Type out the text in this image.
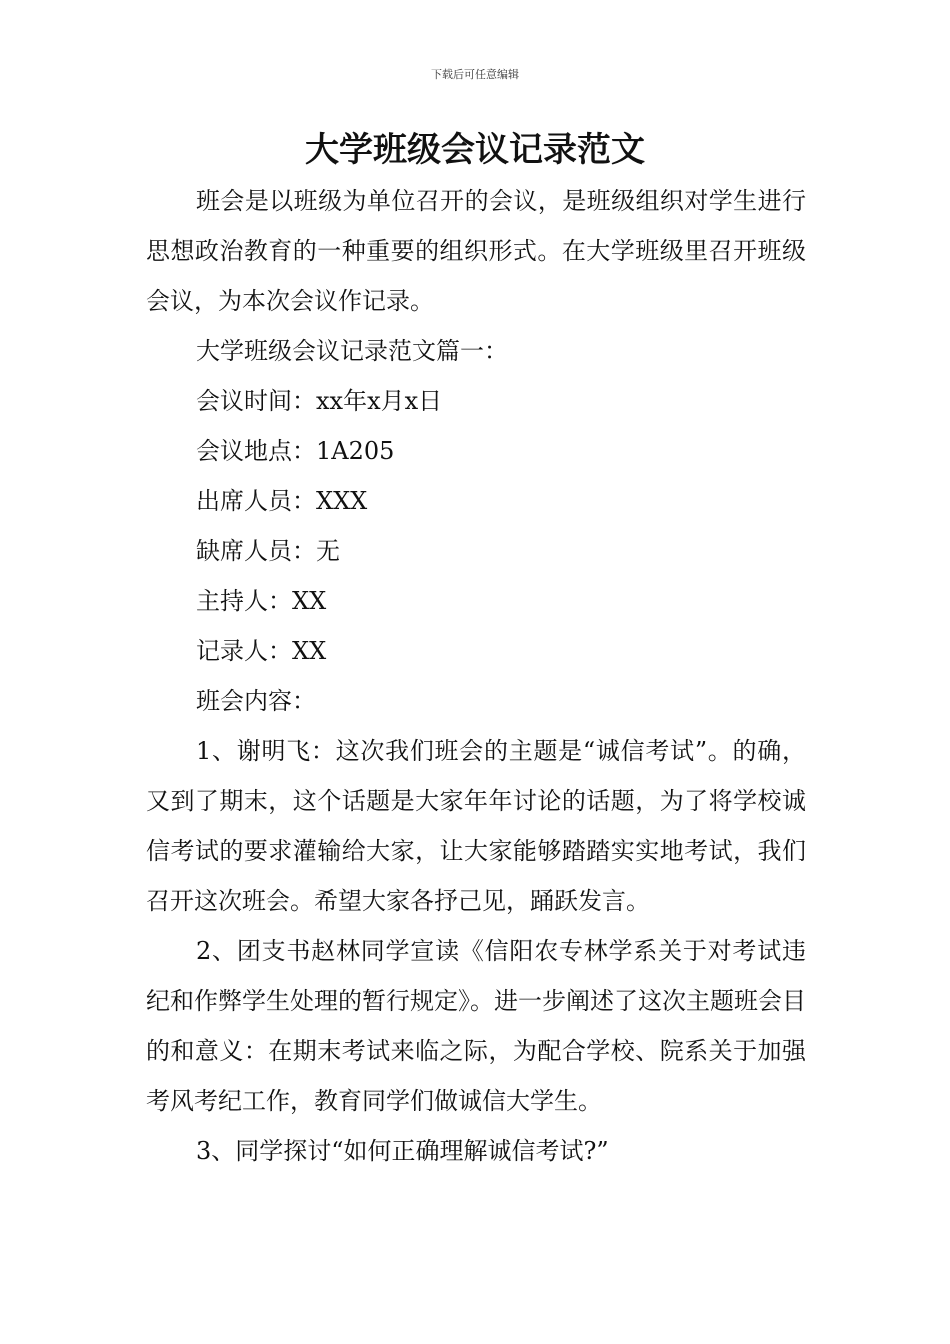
下载后可任意编辑
大学班级会议记录范文

班会是以班级为单位召开的会议，是班级组织对学生进行思想政治教育的一种重要的组织形式。在大学班级里召开班级会议，为本次会议作记录。

大学班级会议记录范文篇一：

会议时间：xx年x月x日

会议地点：1A205

出席人员：XXX

缺席人员：无

主持人：XX

记录人：XX

班会内容：

1、谢明飞：这次我们班会的主题是“诚信考试”。的确，又到了期末，这个话题是大家年年讨论的话题，为了将学校诚信考试的要求灌输给大家，让大家能够踏踏实实地考试，我们召开这次班会。希望大家各抒己见，踊跃发言。

2、团支书赵林同学宣读《信阳农专林学系关于对考试违纪和作弊学生处理的暂行规定》。进一步阐述了这次主题班会目的和意义：在期末考试来临之际，为配合学校、院系关于加强考风考纪工作，教育同学们做诚信大学生。

3、同学探讨“如何正确理解诚信考试?”
